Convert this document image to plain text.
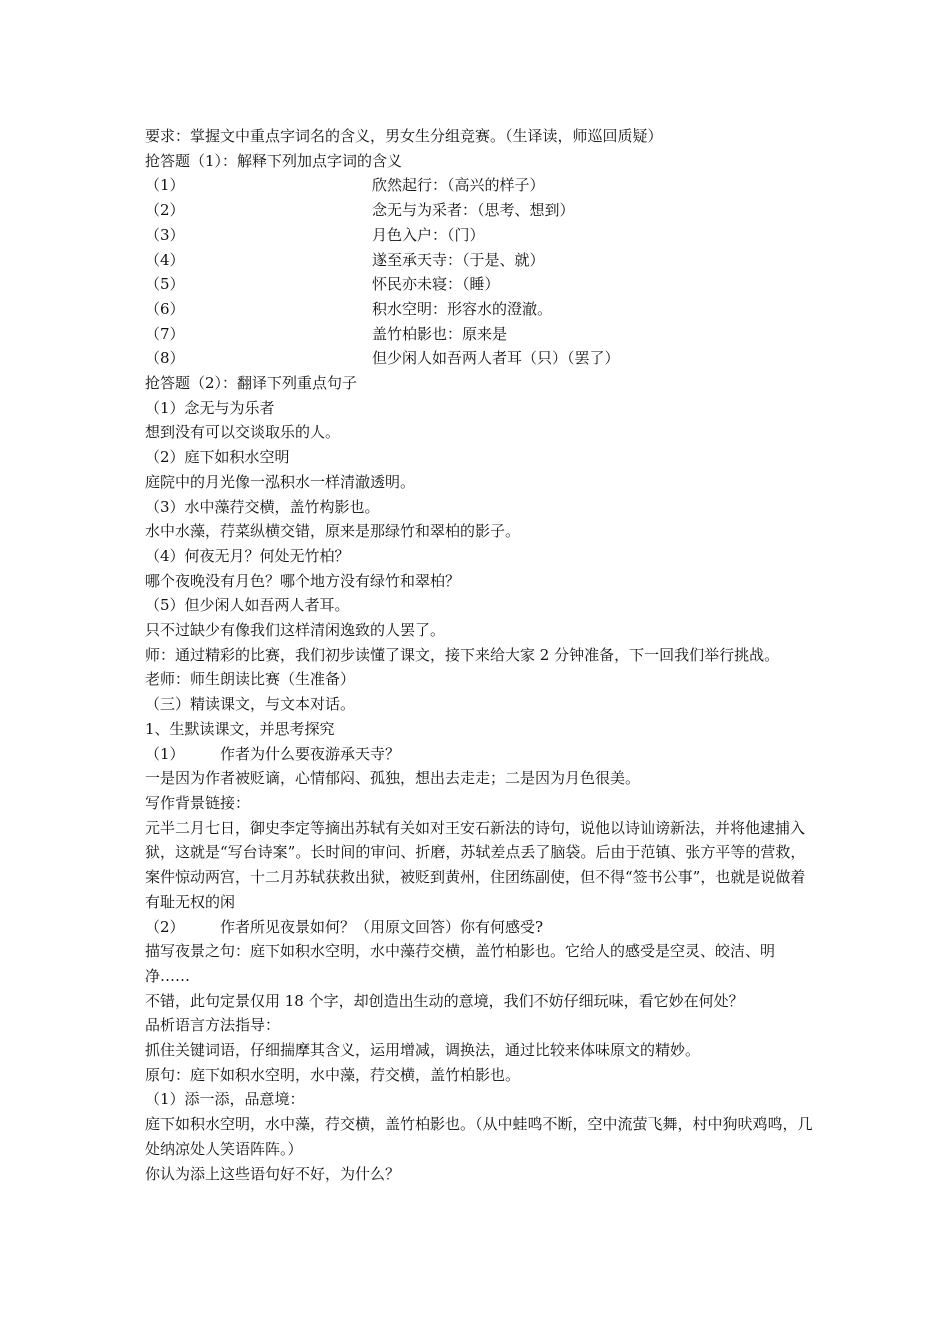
要求：掌握文中重点字词名的含义，男女生分组竞赛。（生译读，师巡回质疑）
抢答题（1）：解释下列加点字词的含义
（1）	欣然起行：（高兴的样子）
（2）	念无与为采者：（思考、想到）
（3）	月色入户：（门）
（4）	遂至承天寺：（于是、就）
（5）	怀民亦未寝：（睡）
（6）	积水空明：形容水的澄澈。
（7）	盖竹柏影也：原来是
（8）	但少闲人如吾两人者耳（只）（罢了）
抢答题（2）：翻译下列重点句子
（1）念无与为乐者
想到没有可以交谈取乐的人。
（2）庭下如积水空明
庭院中的月光像一泓积水一样清澈透明。
（3）水中藻荇交横，盖竹构影也。
水中水藻，荇菜纵横交错，原来是那绿竹和翠柏的影子。
（4）何夜无月？何处无竹柏？
哪个夜晚没有月色？哪个地方没有绿竹和翠柏？
（5）但少闲人如吾两人者耳。
只不过缺少有像我们这样清闲逸致的人罢了。
师：通过精彩的比赛，我们初步读懂了课文，接下来给大家 2 分钟准备，下一回我们举行挑战。
老师：师生朗读比赛（生准备）
（三）精读课文，与文本对话。
1、生默读课文，并思考探究
（1）	作者为什么要夜游承天寺？
一是因为作者被贬谪，心情郁闷、孤独，想出去走走；二是因为月色很美。
写作背景链接：
元半二月七日，御史李定等摘出苏轼有关如对王安石新法的诗句，说他以诗讪谤新法，并将他逮捕入狱，这就是“写台诗案”。长时间的审问、折磨，苏轼差点丢了脑袋。后由于范镇、张方平等的营救，案件惊动两宫，十二月苏轼获救出狱，被贬到黄州，住团练副使，但不得“签书公事”，也就是说做着有耻无权的闲
（2）	作者所见夜景如何？（用原文回答）你有何感受?
描写夜景之句：庭下如积水空明，水中藻荇交横，盖竹柏影也。它给人的感受是空灵、皎洁、明净……
不错，此句定景仅用 18 个字，却创造出生动的意境，我们不妨仔细玩味，看它妙在何处？
品析语言方法指导：
抓住关键词语，仔细揣摩其含义，运用增减，调换法，通过比较来体味原文的精妙。
原句：庭下如积水空明，水中藻，荇交横，盖竹柏影也。
（1）添一添，品意境：
庭下如积水空明，水中藻，荇交横，盖竹柏影也。（从中蛙鸣不断，空中流萤飞舞，村中狗吠鸡鸣，几处纳凉处人笑语阵阵。）
你认为添上这些语句好不好，为什么？
